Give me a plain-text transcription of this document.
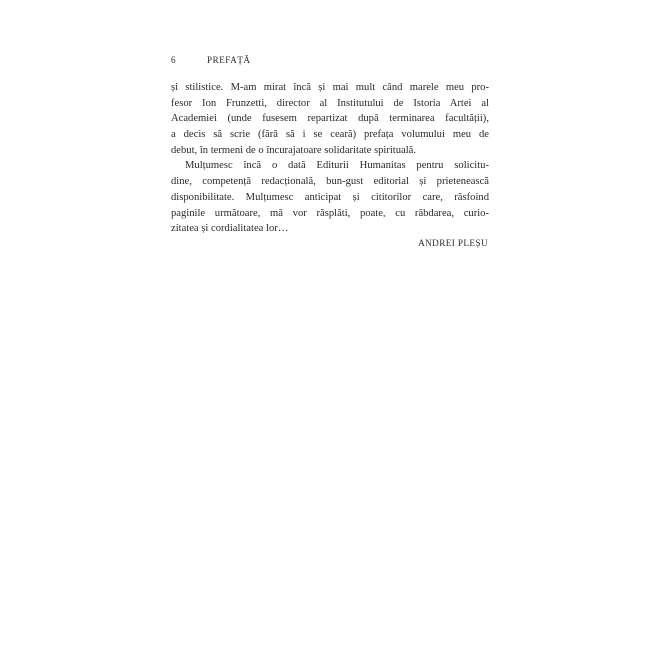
6	PREFAȚĂ
și stilistice. M-am mirat încă și mai mult când marele meu pro-
fesor Ion Frunzetti, director al Institutului de Istoria Artei al
Academiei (unde fusesem repartizat după terminarea facultății),
a decis să scrie (fără să i se ceară) prefața volumului meu de
debut, în termeni de o încurajatoare solidaritate spirituală.
Mulțumesc încă o dată Editurii Humanitas pentru solicitu-
dine, competență redacțională, bun-gust editorial și prietenească
disponibilitate. Mulțumesc anticipat și cititorilor care, răsfoind
paginile următoare, mă vor răsplăti, poate, cu răbdarea, curio-
zitatea și cordialitatea lor…
ANDREI PLEȘU
